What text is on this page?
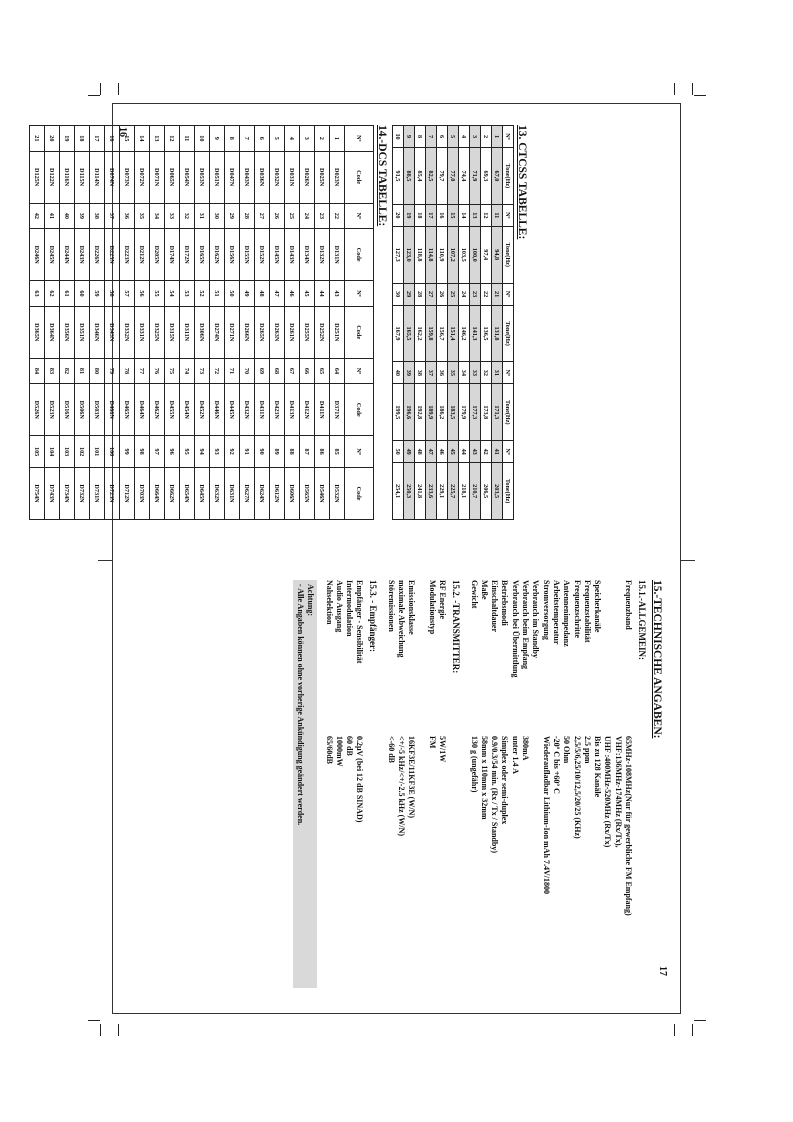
16
17
13. CTCSS TABELLE:
Nº	Tone(Hz)	Nº	Tone(Hz)	Nº	Tone(Hz)	Nº	Tone(Hz)	Nº	Tone(Hz)
1	67,0	11	94,8	21	131,8	31	171,3	41	203,5
2	69,3	12	97,4	22	136,5	32	173,8	42	206,5
3	71,9	13	100,0	23	141,3	33	177,3	43	210,7
4	74,4	14	103,5	24	146,2	34	179,9	44	218,1
5	77,0	15	107,2	25	151,4	35	183,5	45	225,7
6	79,7	16	110,9	26	156,7	36	186,2	46	229,1
7	82,5	17	114,8	27	159,8	37	189,9	47	233,6
8	85,4	18	118,8	28	162,2	38	192,8	48	241,8
9	88,5	19	123,0	29	165,5	39	196,6	49	250,3
10	91,5	20	127,3	30	167,9	40	199,5	50	254,1
14.-DCS TABELLE:
Nº	Code	Nº	Code	Nº	Code	Nº	Code	Nº	Code
1	D023N	22	D131N	43	D251N	64	D371N	85	D532N
2	D025N	23	D132N	44	D252N	65	D411N	86	D546N
3	D026N	24	D134N	45	D255N	66	D412N	87	D565N
4	D031N	25	D143N	46	D261N	67	D413N	88	D606N
5	D032N	26	D145N	47	D263N	68	D423N	89	D612N
6	D036N	27	D152N	48	D265N	69	D431N	90	D624N
7	D043N	28	D155N	49	D266N	70	D432N	91	D627N
8	D047N	29	D156N	50	D271N	71	D445N	92	D631N
9	D051N	30	D162N	51	D274N	72	D446N	93	D632N
10	D053N	31	D165N	52	D306N	73	D452N	94	D645N
11	D054N	32	D172N	53	D311N	74	D454N	95	D654N
12	D065N	33	D174N	54	D315N	75	D455N	96	D662N
13	D071N	34	D205N	55	D325N	76	D462N	97	D664N
14	D072N	35	D212N	56	D331N	77	D464N	98	D703N
15	D073N	36	D223N	57	D332N	78	D465N	99	D712N
16	D074N	37	D225N	58	D343N	79	D466N	100	D723N
17	D114N	38	D226N	59	D346N	80	D503N	101	D731N
18	D115N	39	D243N	60	D351N	81	D506N	102	D732N
19	D116N	40	D244N	61	D356N	82	D516N	103	D734N
20	D122N	41	D245N	62	D364N	83	D523N	104	D743N
21	D125N	42	D246N	63	D365N	84	D526N	105	D754N
15.-TECHNISCHE ANGABEN:
15.1.-ALLGEMEIN:
Frequenzband
65MHz-108MHz(Nur für gewerbliche FM Empfang)

VHF:136MHz-174MHz (Rx/Tx),

UHF :400MHz-520MHz (Rx/Tx)
Speicherkanäle
Bis zu 128 Kanäle
Frequenzstabilität
2.5 ppm
Frequenzschritte
2,5/5/6,25/10/12,5/20/25 (KHz)
Antennenimpedanz
50 Ohm
Arbeitstemperatur
-20º C bis +60º C
Stromversorgung
Wiederaufladbar Lithium-Ion mAh 7.4V/1800
Verbrauch im Standby

Verbrauch beim Empfang
380mA
Verbrauch bei Übermittlung
unter 1.4 A
Betriebsmodi
Simplex oder semi-duplex
Einschaltdauer
0.9/0.3/54 min. (Rx / Tx / Standby)
Maße
58mm x 110mm x 32mm
Gewicht
130 g (ungefähr)
15.2. -TRANSMITTER:
RF Energie
5W/1W
Modulationstyp
FM

Emissionsklasse
16KF3E/11KF3E (W/N)
maximale Abweichung
<+/-5 kHz/<+/-2.5 kHz (W/N)
Störemissionen
<-60 dB
15.3. - Empfänger:
Empfänger - Sensibilität
0.2μV (bei 12 dB SINAD)
Intermodulation
60 dB
Audio Ausgang
1000mW
Nahselektion
65/60dB
Achtung:
- Alle Angaben können ohne vorherige Ankündigung geändert werden.
